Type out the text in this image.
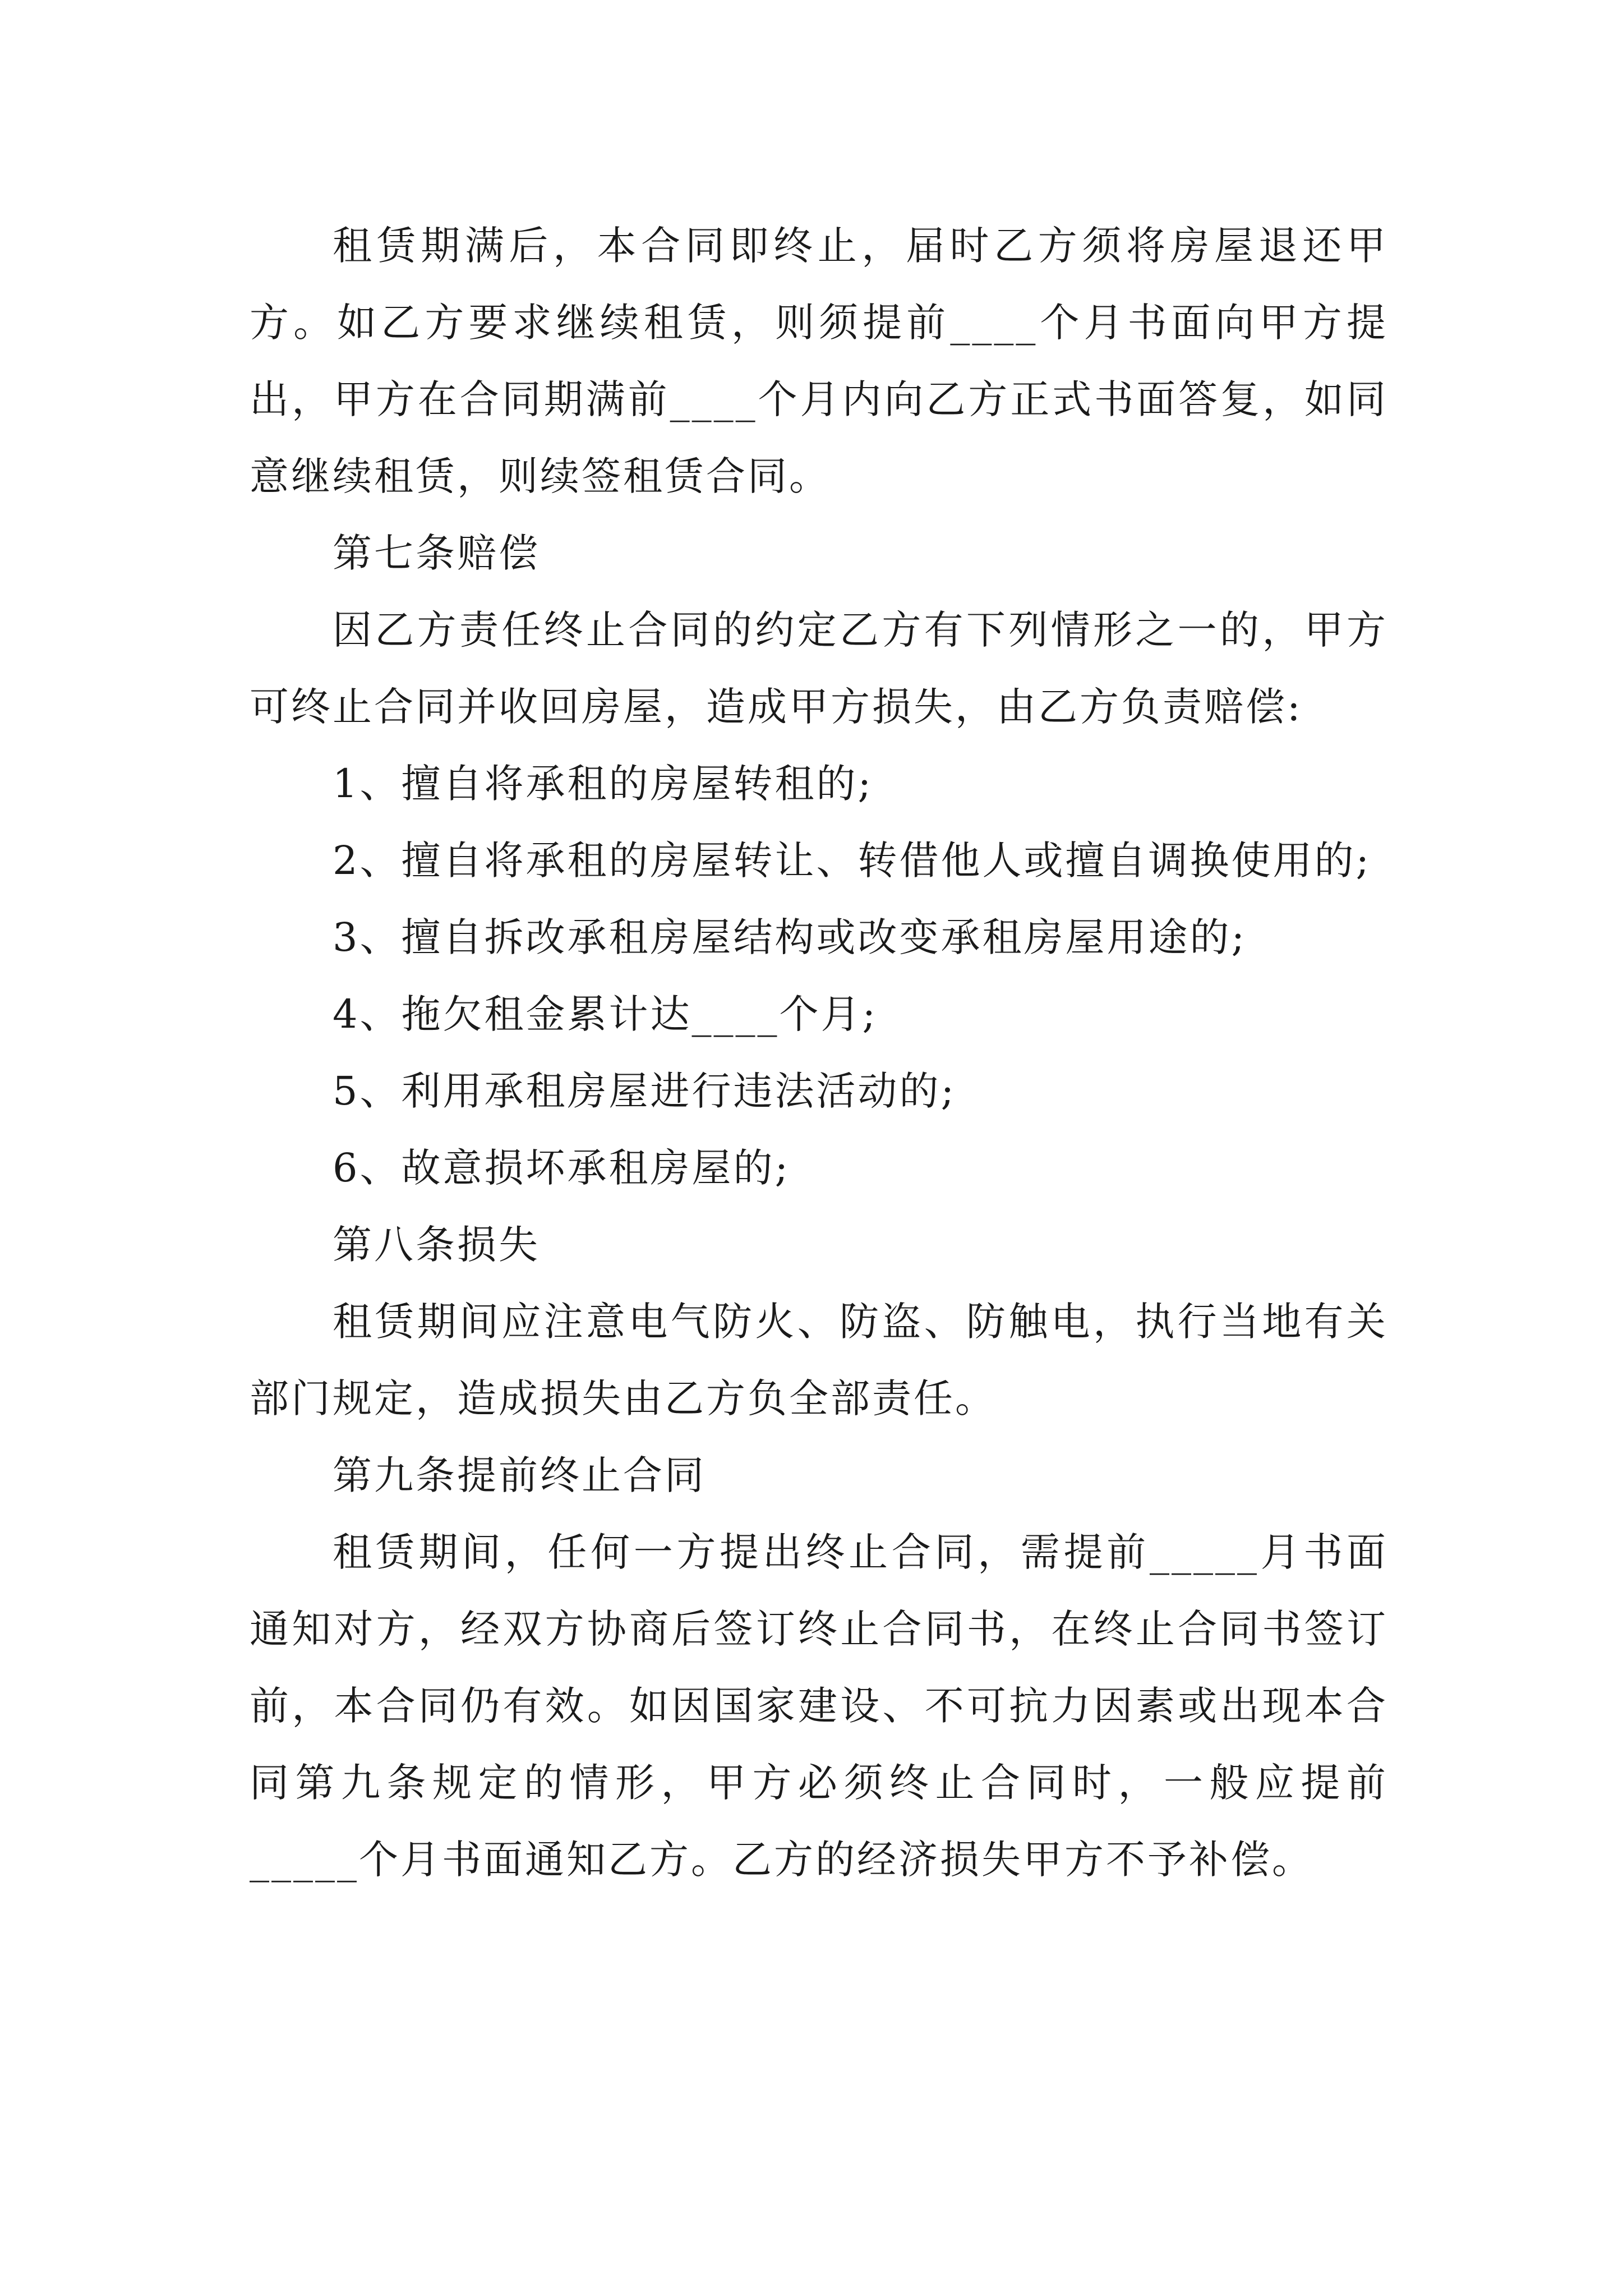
租赁期满后，本合同即终止，届时乙方须将房屋退还甲方。如乙方要求继续租赁，则须提前____个月书面向甲方提出，甲方在合同期满前____个月内向乙方正式书面答复，如同意继续租赁，则续签租赁合同。

第七条赔偿

因乙方责任终止合同的约定乙方有下列情形之一的，甲方可终止合同并收回房屋，造成甲方损失，由乙方负责赔偿:

1、擅自将承租的房屋转租的;

2、擅自将承租的房屋转让、转借他人或擅自调换使用的;

3、擅自拆改承租房屋结构或改变承租房屋用途的;

4、拖欠租金累计达____个月;

5、利用承租房屋进行违法活动的;

6、故意损坏承租房屋的;

第八条损失

租赁期间应注意电气防火、防盗、防触电，执行当地有关部门规定，造成损失由乙方负全部责任。

第九条提前终止合同

租赁期间，任何一方提出终止合同，需提前_____月书面通知对方，经双方协商后签订终止合同书，在终止合同书签订前，本合同仍有效。如因国家建设、不可抗力因素或出现本合同第九条规定的情形，甲方必须终止合同时，一般应提前_____个月书面通知乙方。乙方的经济损失甲方不予补偿。
